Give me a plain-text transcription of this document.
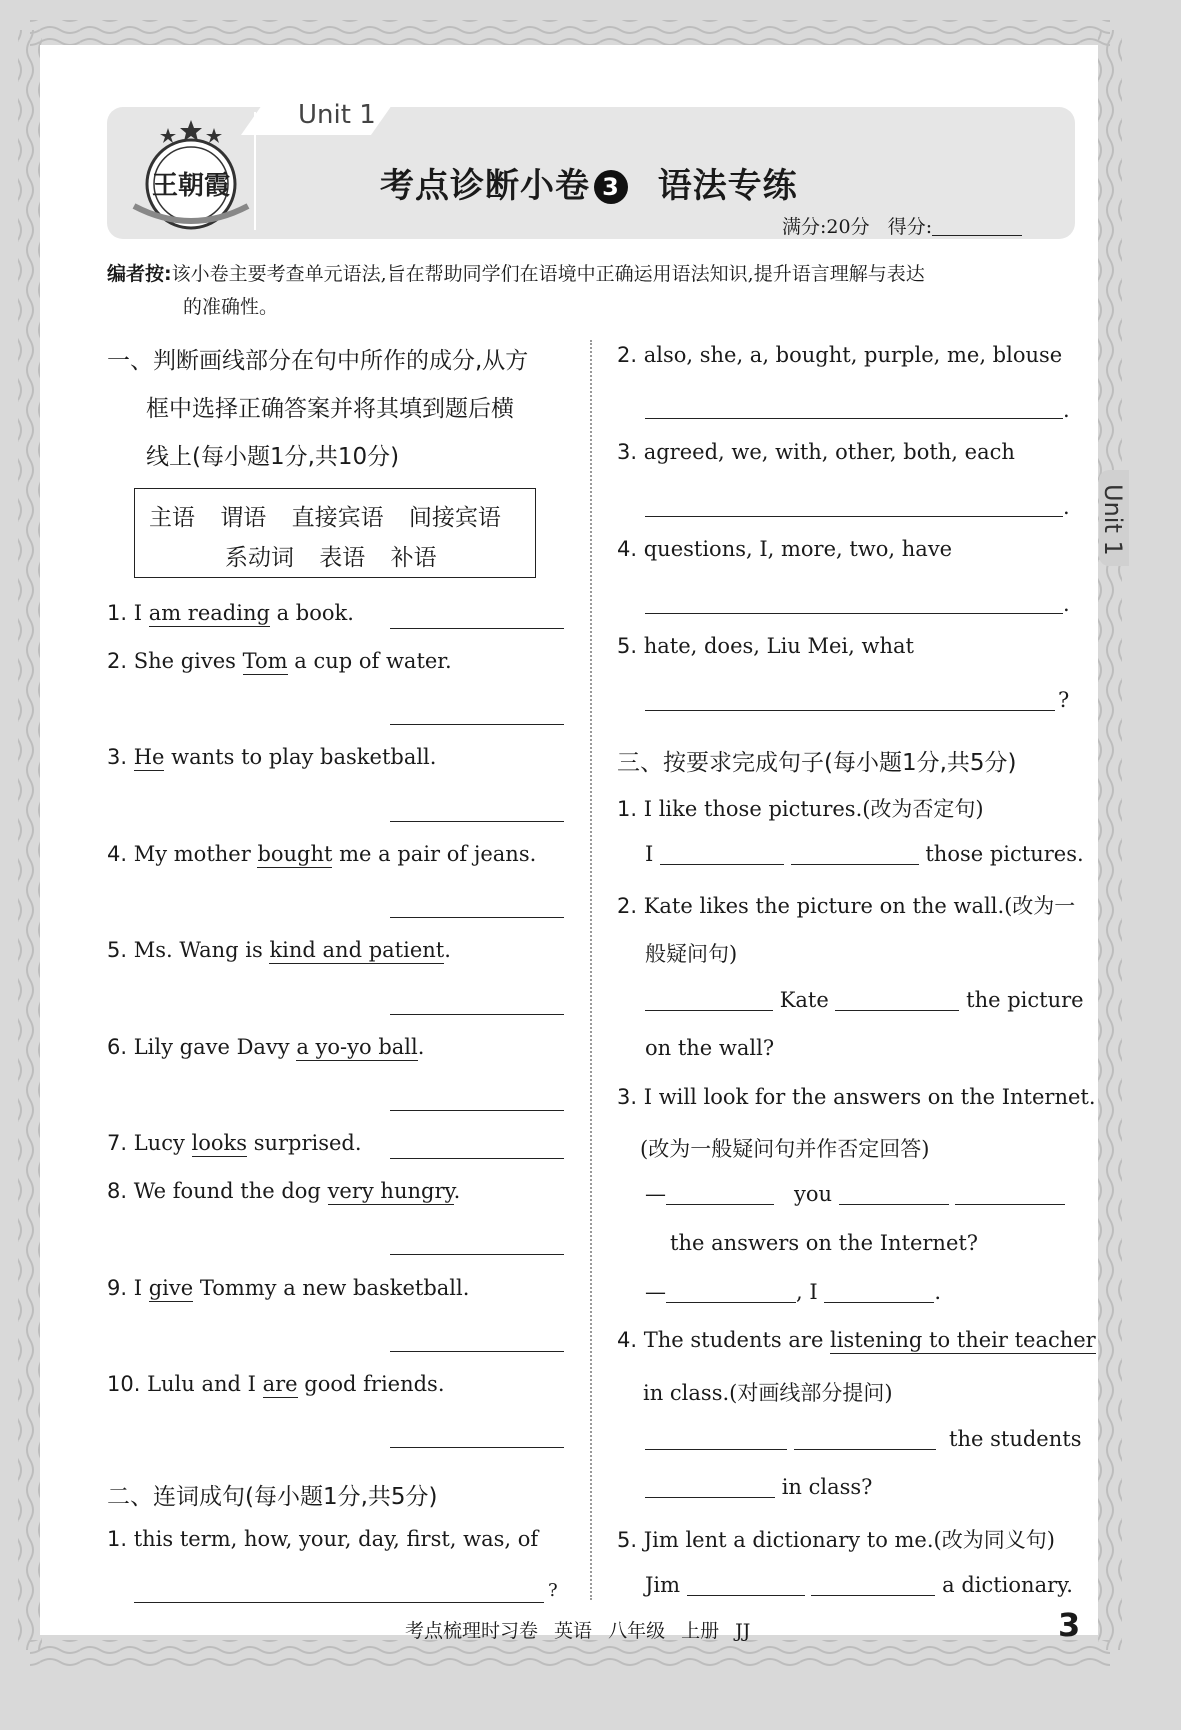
Unit 1
王朝霞	考点诊断小卷 3 语法专练
满分:20分 得分:
Unit 1
编者按:该小卷主要考查单元语法,旨在帮助同学们在语境中正确运用语法知识,提升语言理解与表达

的准确性。
一、判断画线部分在句中所作的成分,从方
框中选择正确答案并将其填到题后横
线上(每小题1分,共10分)
主语 谓语 直接宾语 间接宾语
系动词 表语 补语
1. I am reading a book.
2. She gives Tom a cup of water.
3. He wants to play basketball.
4. My mother bought me a pair of jeans.
5. Ms. Wang is kind and patient.
6. Lily gave Davy a yo-yo ball.
7. Lucy looks surprised.
8. We found the dog very hungry.
9. I give Tommy a new basketball.
10. Lulu and I are good friends.
二、连词成句(每小题1分,共5分)
1. this term, how, your, day, first, was, of
?
2. also, she, a, bought, purple, me, blouse
.
3. agreed, we, with, other, both, each
.
4. questions, I, more, two, have
.
5. hate, does, Liu Mei, what
?
三、按要求完成句子(每小题1分,共5分)
1. I like those pictures.(改为否定句)
I	those pictures.
2. Kate likes the picture on the wall.(改为一
般疑问句)
Kate	the picture
on the wall?
3. I will look for the answers on the Internet.
(改为一般疑问句并作否定回答)
—	you
the answers on the Internet?
—	, I	.
4. The students are listening to their teacher
in class.(对画线部分提问)
the students
in class?
5. Jim lent a dictionary to me.(改为同义句)
Jim	a dictionary.
考点梳理时习卷 英语 八年级 上册 JJ	3
